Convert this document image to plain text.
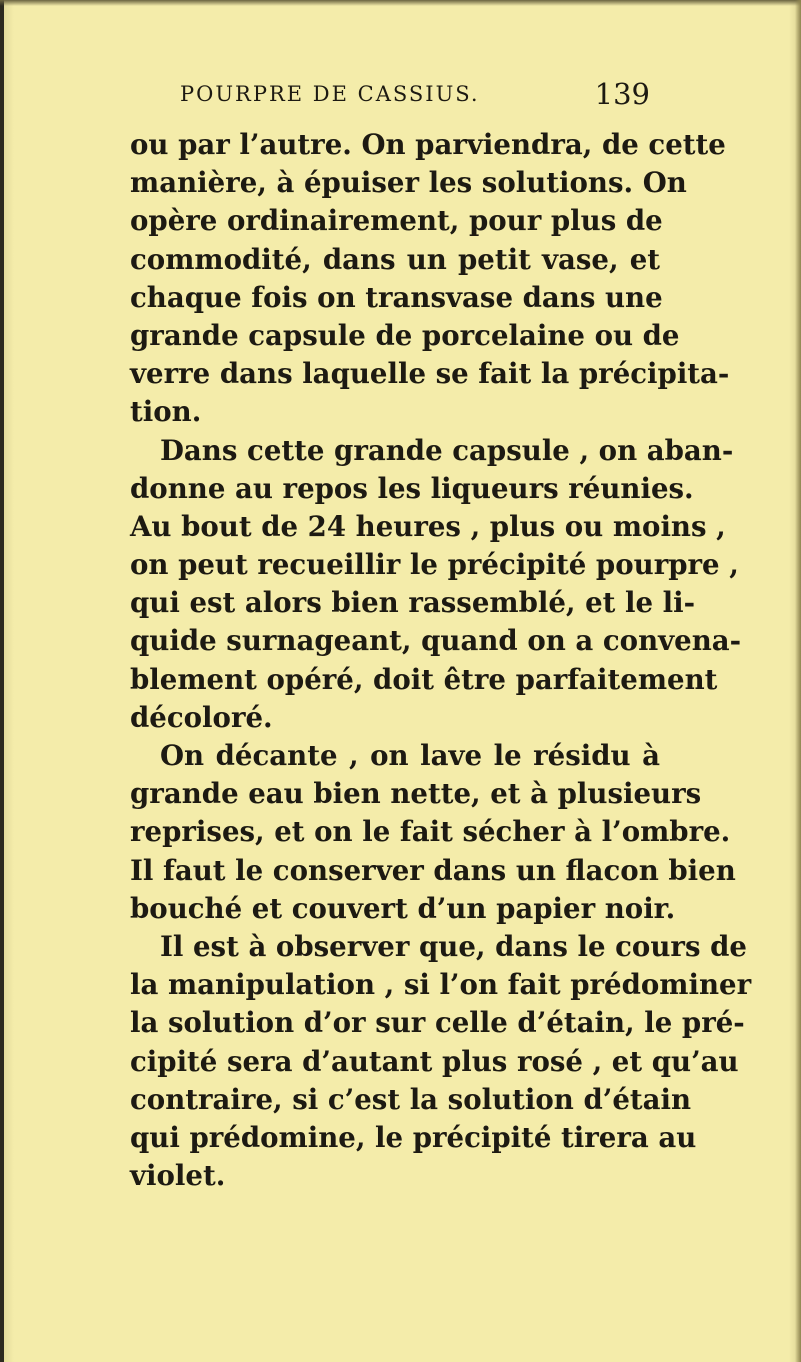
POURPRE DE CASSIUS.	139
ou par l’autre. On parviendra, de cette
manière, à épuiser les solutions. On
opère ordinairement, pour plus de
commodité, dans un petit vase, et
chaque fois on transvase dans une
grande capsule de porcelaine ou de
verre dans laquelle se fait la précipita-
tion.
Dans cette grande capsule , on aban-
donne au repos les liqueurs réunies.
Au bout de 24 heures , plus ou moins ,
on peut recueillir le précipité pourpre ,
qui est alors bien rassemblé, et le li-
quide surnageant, quand on a convena-
blement opéré, doit être parfaitement
décoloré.
On décante , on lave le résidu à
grande eau bien nette, et à plusieurs
reprises, et on le fait sécher à l’ombre.
Il faut le conserver dans un flacon bien
bouché et couvert d’un papier noir.
Il est à observer que, dans le cours de
la manipulation , si l’on fait prédominer
la solution d’or sur celle d’étain, le pré-
cipité sera d’autant plus rosé , et qu’au
contraire, si c’est la solution d’étain
qui prédomine, le précipité tirera au
violet.
